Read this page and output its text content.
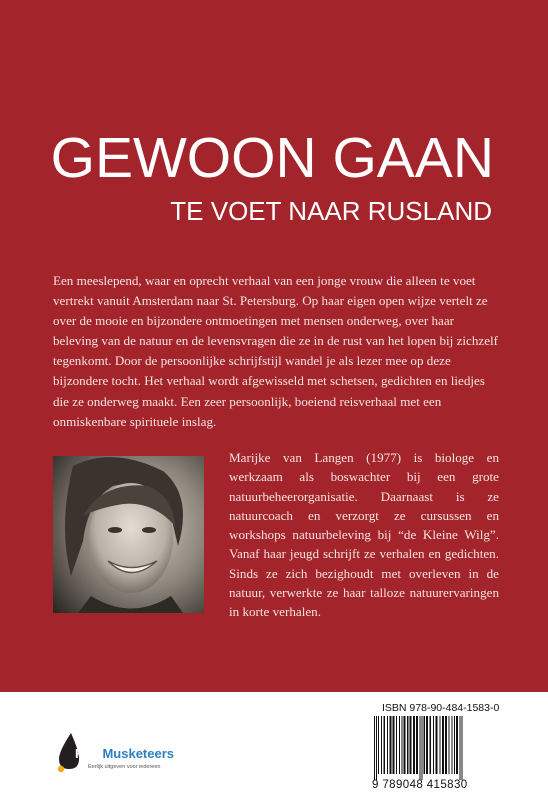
GEWOON GAAN
TE VOET NAAR RUSLAND

Een meeslepend, waar en oprecht verhaal van een jonge vrouw die alleen te voet vertrekt vanuit Amsterdam naar St. Petersburg. Op haar eigen open wijze vertelt ze over de mooie en bijzondere ontmoetingen met mensen onderweg, over haar beleving van de natuur en de levensvragen die ze in de rust van het lopen bij zichzelf tegenkomt. Door de persoonlijke schrijfstijl wandel je als lezer mee op deze bijzondere tocht. Het verhaal wordt afgewisseld met schetsen, gedichten en liedjes die ze onderweg maakt. Een zeer persoonlijk, boeiend reisverhaal met een onmiskenbare spirituele inslag.

Marijke van Langen (1977) is biologe en werkzaam als boswachter bij een grote natuurbeheerorganisatie. Daarnaast is ze natuurcoach en verzorgt ze cursussen en workshops natuurbeleving bij “de Kleine Wilg”. Vanaf haar jeugd schrijft ze verhalen en gedichten. Sinds ze zich bezighoudt met overleven in de natuur, verwerkte ze haar talloze natuurervaringen in korte verhalen.

FreeMusketeers
Eerlijk uitgeven voor iedereen
ISBN 978-90-484-1583-0
9 789048 415830
